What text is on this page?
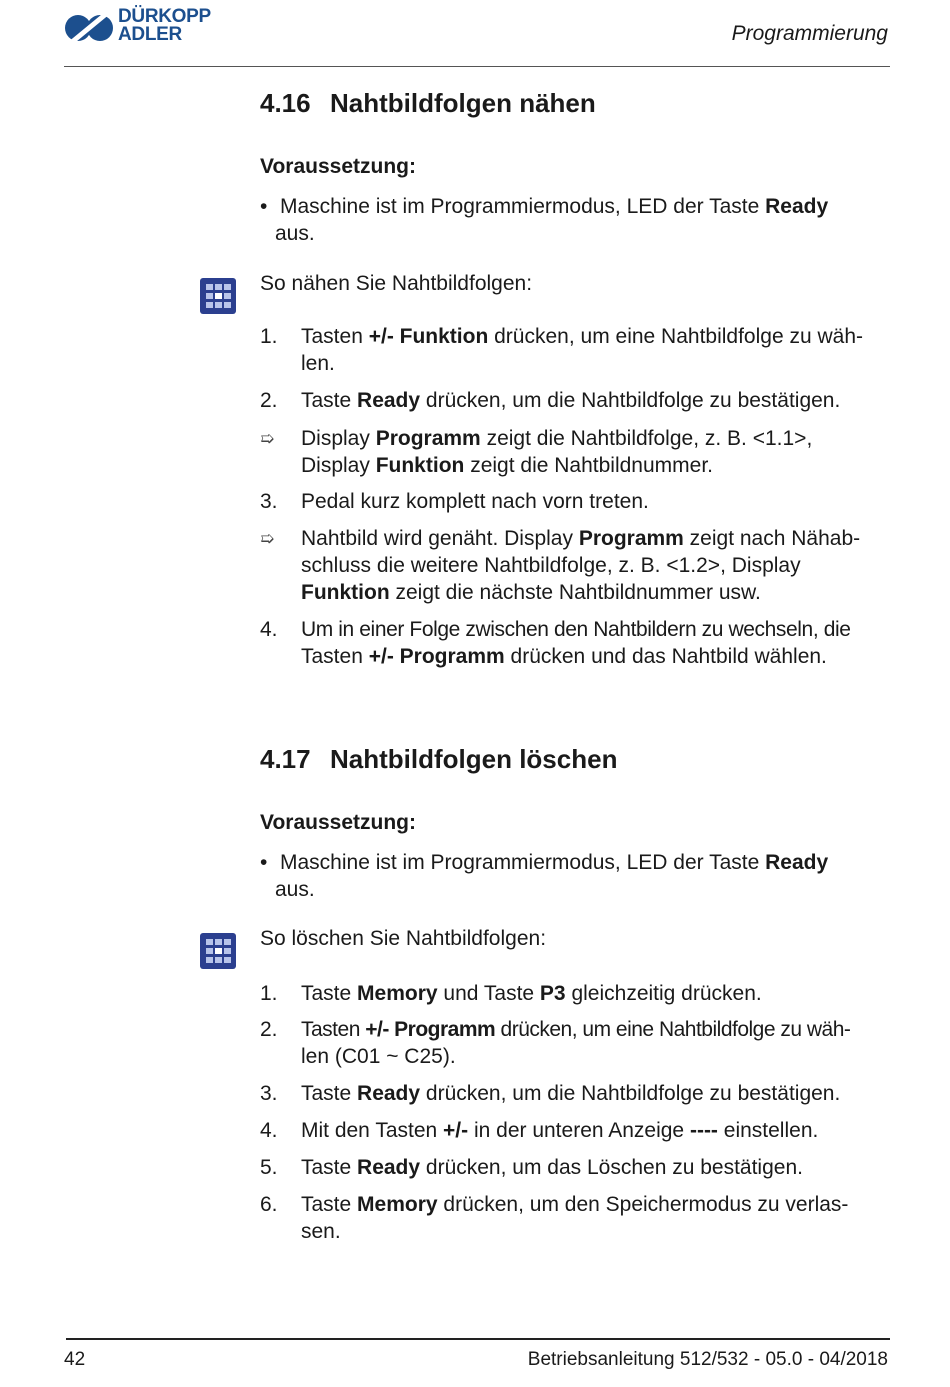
DÜRKOPP
ADLER	Programmierung
4.16 Nahtbildfolgen nähen
Voraussetzung:
• Maschine ist im Programmiermodus, LED der Taste Ready
aus.
So nähen Sie Nahtbildfolgen:
1.	Tasten +/- Funktion drücken, um eine Nahtbildfolge zu wäh-
len.
2.	Taste Ready drücken, um die Nahtbildfolge zu bestätigen.
➯	Display Programm zeigt die Nahtbildfolge, z. B. <1.1>,
Display Funktion zeigt die Nahtbildnummer.
3.	Pedal kurz komplett nach vorn treten.
➯	Nahtbild wird genäht. Display Programm zeigt nach Nähab-
schluss die weitere Nahtbildfolge, z. B. <1.2>, Display
Funktion zeigt die nächste Nahtbildnummer usw.
4.	Um in einer Folge zwischen den Nahtbildern zu wechseln, die
Tasten +/- Programm drücken und das Nahtbild wählen.
4.17 Nahtbildfolgen löschen
Voraussetzung:
• Maschine ist im Programmiermodus, LED der Taste Ready
aus.
So löschen Sie Nahtbildfolgen:
1.	Taste Memory und Taste P3 gleichzeitig drücken.
2.	Tasten +/- Programm drücken, um eine Nahtbildfolge zu wäh-
len (C01 ~ C25).
3.	Taste Ready drücken, um die Nahtbildfolge zu bestätigen.
4.	Mit den Tasten +/- in der unteren Anzeige ---- einstellen.
5.	Taste Ready drücken, um das Löschen zu bestätigen.
6.	Taste Memory drücken, um den Speichermodus zu verlas-
sen.
42	Betriebsanleitung 512/532 - 05.0 - 04/2018
